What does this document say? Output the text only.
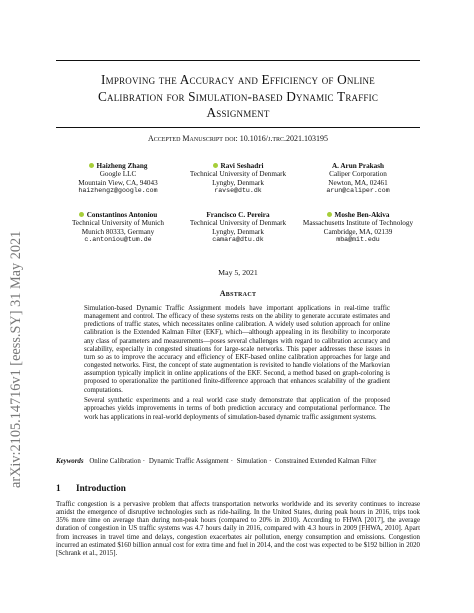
arXiv:2105.14716v1 [eess.SY] 31 May 2021
Improving the Accuracy and Efficiency of Online
Calibration for Simulation-based Dynamic Traffic
Assignment
Accepted Manuscript doi: 10.1016/j.trc.2021.103195
Haizheng Zhang
Google LLC
Mountain View, CA, 94043
haizhengz@google.com
Ravi Seshadri
Technical University of Denmark
Lyngby, Denmark
ravse@dtu.dk
A. Arun Prakash
Caliper Corporation
Newton, MA, 02461
arun@caliper.com
Constantinos Antoniou
Technical University of Munich
Munich 80333, Germany
c.antoniou@tum.de
Francisco C. Pereira
Technical University of Denmark
Lyngby, Denmark
camara@dtu.dk
Moshe Ben-Akiva
Massachusetts Institute of Technology
Cambridge, MA, 02139
mba@mit.edu
May 5, 2021
Abstract

Simulation-based Dynamic Traffic Assignment models have important applications in real-time traffic management and control. The efficacy of these systems rests on the ability to generate accurate estimates and predictions of traffic states, which necessitates online calibration. A widely used solution approach for online calibration is the Extended Kalman Filter (EKF), which—although appealing in its flexibility to incorporate any class of parameters and measurements—poses several challenges with regard to calibration accuracy and scalability, especially in congested situations for large-scale networks. This paper addresses these issues in turn so as to improve the accuracy and efficiency of EKF-based online calibration approaches for large and congested networks. First, the concept of state augmentation is revisited to handle violations of the Markovian assumption typically implicit in online applications of the EKF. Second, a method based on graph-coloring is proposed to operationalize the partitioned finite-difference approach that enhances scalability of the gradient computations.

Several synthetic experiments and a real world case study demonstrate that application of the proposed approaches yields improvements in terms of both prediction accuracy and computational performance. The work has applications in real-world deployments of simulation-based dynamic traffic assignment systems.

Keywords Online Calibration · Dynamic Traffic Assignment · Simulation · Constrained Extended Kalman Filter
1 Introduction

Traffic congestion is a pervasive problem that affects transportation networks worldwide and its severity continues to increase amidst the emergence of disruptive technologies such as ride-hailing. In the United States, during peak hours in 2016, trips took 35% more time on average than during non-peak hours (compared to 20% in 2010). According to FHWA [2017], the average duration of congestion in US traffic systems was 4.7 hours daily in 2016, compared with 4.3 hours in 2009 [FHWA, 2010]. Apart from increases in travel time and delays, congestion exacerbates air pollution, energy consumption and emissions. Congestion incurred an estimated $160 billion annual cost for extra time and fuel in 2014, and the cost was expected to be $192 billion in 2020 [Schrank et al., 2015].
